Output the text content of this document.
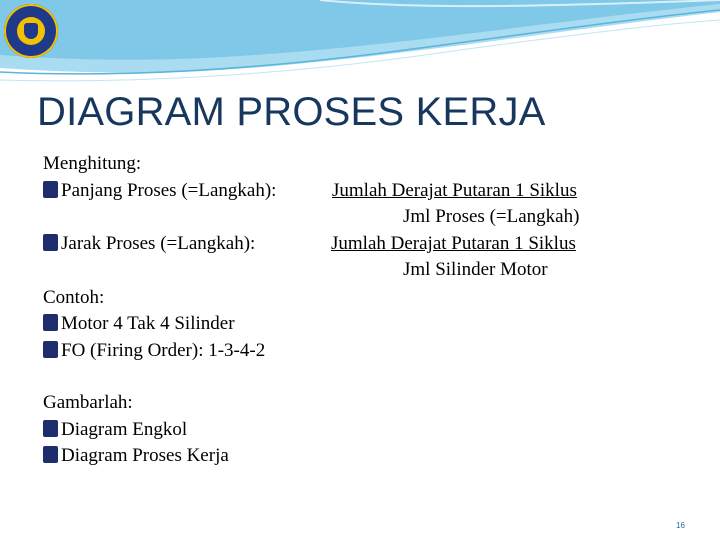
DIAGRAM PROSES KERJA
Menghitung:
Panjang Proses (=Langkah):	Jumlah Derajat Putaran 1 Siklus
Jml Proses (=Langkah)
Jarak Proses (=Langkah):	Jumlah Derajat Putaran 1 Siklus
Jml Silinder Motor
Contoh:
Motor 4 Tak 4 Silinder
FO (Firing Order): 1-3-4-2
Gambarlah:
Diagram Engkol
Diagram Proses Kerja
16
